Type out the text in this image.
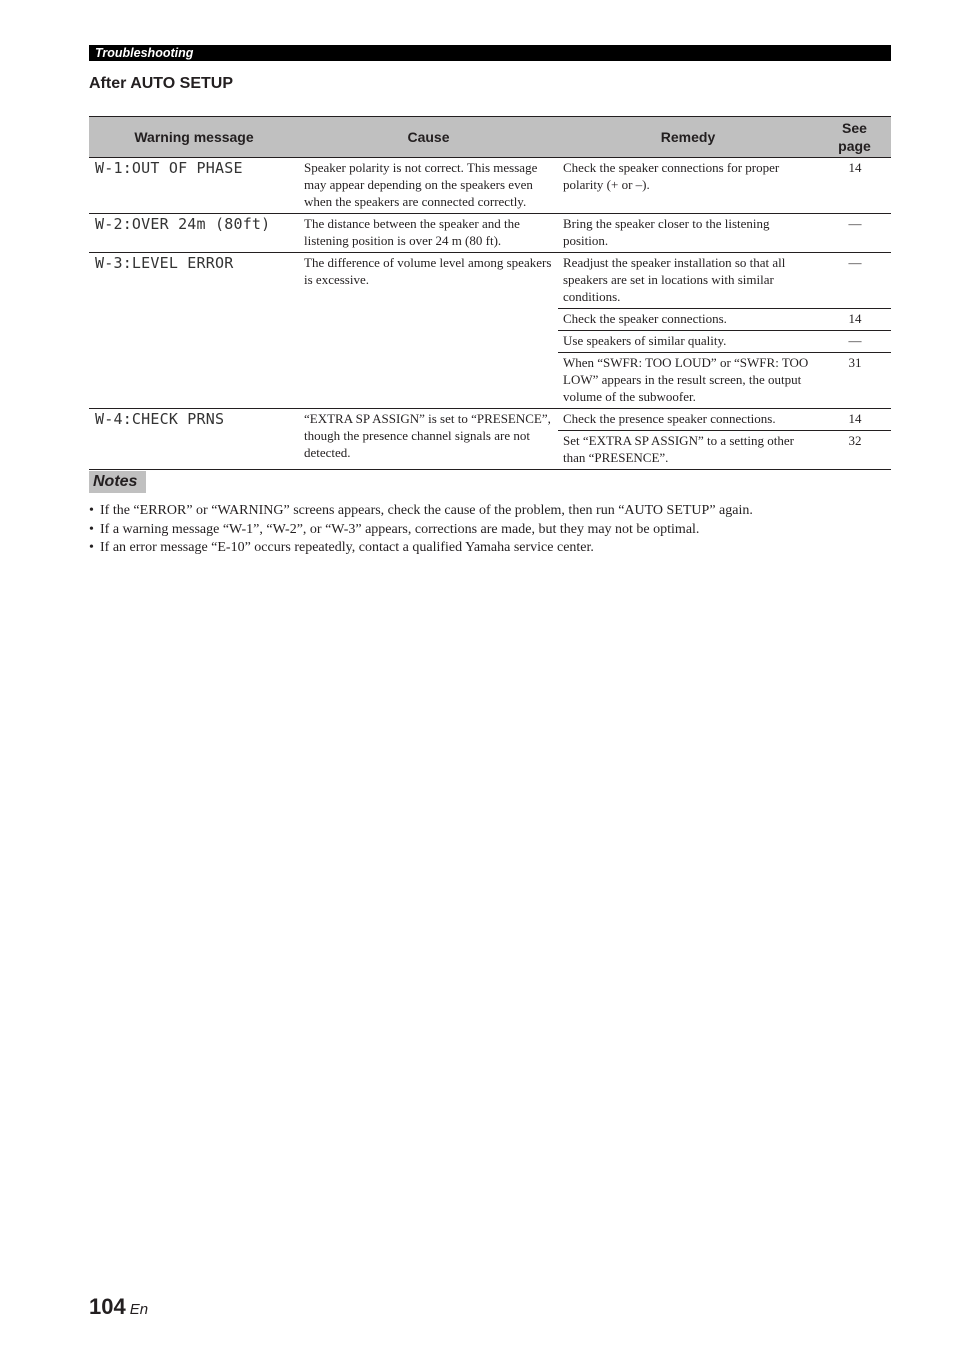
Troubleshooting
After AUTO SETUP
Warning message	Cause	Remedy	See
page
W-1:OUT OF PHASE	Speaker polarity is not correct. This message may appear depending on the speakers even when the speakers are connected correctly.	Check the speaker connections for proper polarity (+ or –).	14
W-2:OVER 24m (80ft)	The distance between the speaker and the listening position is over 24 m (80 ft).	Bring the speaker closer to the listening position.	—
W-3:LEVEL ERROR	The difference of volume level among speakers is excessive.	Readjust the speaker installation so that all speakers are set in locations with similar conditions.	—
		Check the speaker connections.	14
		Use speakers of similar quality.	—
		When “SWFR: TOO LOUD” or “SWFR: TOO LOW” appears in the result screen, the output volume of the subwoofer.	31
W-4:CHECK PRNS	“EXTRA SP ASSIGN” is set to “PRESENCE”, though the presence channel signals are not detected.	Check the presence speaker connections.	14
		Set “EXTRA SP ASSIGN” to a setting other than “PRESENCE”.	32
Notes
• If the “ERROR” or “WARNING” screens appears, check the cause of the problem, then run “AUTO SETUP” again.
• If a warning message “W-1”, “W-2”, or “W-3” appears, corrections are made, but they may not be optimal.
• If an error message “E-10” occurs repeatedly, contact a qualified Yamaha service center.
104 En
